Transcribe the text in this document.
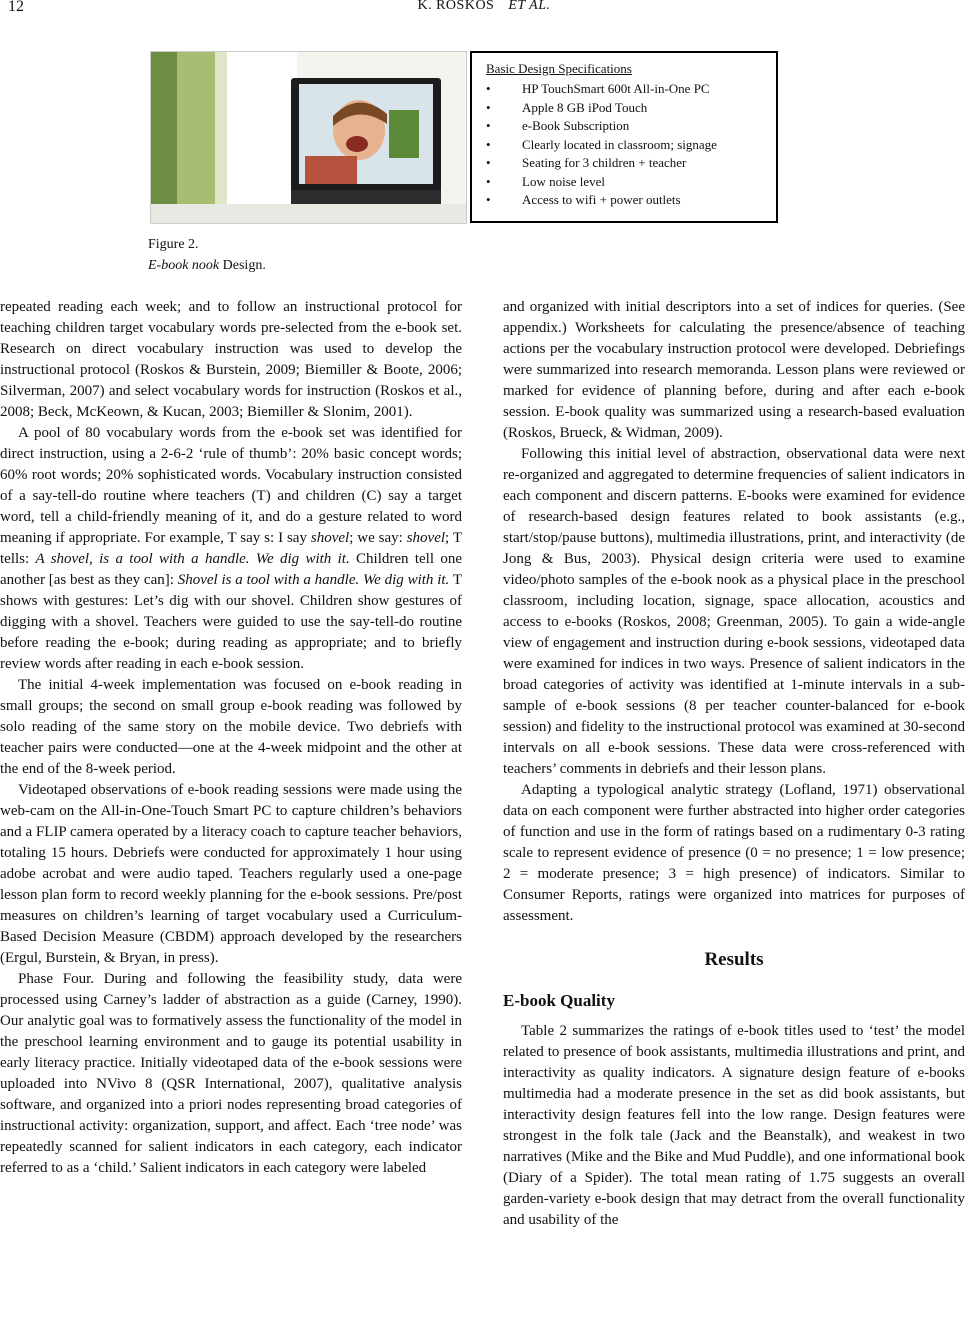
12	K. ROSKOS ET AL.
Basic Design Specifications
• HP TouchSmart 600t All-in-One PC
• Apple 8 GB iPod Touch
• e-Book Subscription
• Clearly located in classroom; signage
• Seating for 3 children + teacher
• Low noise level
• Access to wifi + power outlets
Figure 2.
E-book nook Design.

repeated reading each week; and to follow an instructional protocol for teaching children target vocabulary words pre-selected from the e-book set. Research on direct vocabulary instruction was used to develop the instructional protocol (Roskos & Burstein, 2009; Biemiller & Boote, 2006; Silverman, 2007) and select vocabulary words for instruction (Roskos et al., 2008; Beck, McKeown, & Kucan, 2003; Biemiller & Slonim, 2001).

A pool of 80 vocabulary words from the e-book set was identified for direct instruction, using a 2-6-2 ‘rule of thumb’: 20% basic concept words; 60% root words; 20% sophisticated words. Vocabulary instruction consisted of a say-tell-do routine where teachers (T) and children (C) say a target word, tell a child-friendly meaning of it, and do a gesture related to word meaning if appropriate. For example, T say s: I say shovel; we say: shovel; T tells: A shovel, is a tool with a handle. We dig with it. Children tell one another [as best as they can]: Shovel is a tool with a handle. We dig with it. T shows with gestures: Let’s dig with our shovel. Children show gestures of digging with a shovel. Teachers were guided to use the say-tell-do routine before reading the e-book; during reading as appropriate; and to briefly review words after reading in each e-book session.

The initial 4-week implementation was focused on e-book reading in small groups; the second on small group e-book reading was followed by solo reading of the same story on the mobile device. Two debriefs with teacher pairs were conducted—one at the 4-week midpoint and the other at the end of the 8-week period.

Videotaped observations of e-book reading sessions were made using the web-cam on the All-in-One-Touch Smart PC to capture children’s behaviors and a FLIP camera operated by a literacy coach to capture teacher behaviors, totaling 15 hours. Debriefs were conducted for approximately 1 hour using adobe acrobat and were audio taped. Teachers regularly used a one-page lesson plan form to record weekly planning for the e-book sessions. Pre/post measures on children’s learning of target vocabulary used a Curriculum-Based Decision Measure (CBDM) approach developed by the researchers (Ergul, Burstein, & Bryan, in press).

Phase Four. During and following the feasibility study, data were processed using Carney’s ladder of abstraction as a guide (Carney, 1990). Our analytic goal was to formatively assess the functionality of the model in the preschool learning environment and to gauge its potential usability in early literacy practice. Initially videotaped data of the e-book sessions were uploaded into NVivo 8 (QSR International, 2007), qualitative analysis software, and organized into a priori nodes representing broad categories of instructional activity: organization, support, and affect. Each ‘tree node’ was repeatedly scanned for salient indicators in each category, each indicator referred to as a ‘child.’ Salient indicators in each category were labeled

and organized with initial descriptors into a set of indices for queries. (See appendix.) Worksheets for calculating the presence/absence of teaching actions per the vocabulary instruction protocol were developed. Debriefings were summarized into research memoranda. Lesson plans were reviewed or marked for evidence of planning before, during and after each e-book session. E-book quality was summarized using a research-based evaluation (Roskos, Brueck, & Widman, 2009).

Following this initial level of abstraction, observational data were next re-organized and aggregated to determine frequencies of salient indicators in each component and discern patterns. E-books were examined for evidence of research-based design features related to book assistants (e.g., start/stop/pause buttons), multimedia illustrations, print, and interactivity (de Jong & Bus, 2003). Physical design criteria were used to examine video/photo samples of the e-book nook as a physical place in the preschool classroom, including location, signage, space allocation, acoustics and access to e-books (Roskos, 2008; Greenman, 2005). To gain a wide-angle view of engagement and instruction during e-book sessions, videotaped data were examined for indices in two ways. Presence of salient indicators in the broad categories of activity was identified at 1-minute intervals in a sub-sample of e-book sessions (8 per teacher counter-balanced for e-book session) and fidelity to the instructional protocol was examined at 30-second intervals on all e-book sessions. These data were cross-referenced with teachers’ comments in debriefs and their lesson plans.

Adapting a typological analytic strategy (Lofland, 1971) observational data on each component were further abstracted into higher order categories of function and use in the form of ratings based on a rudimentary 0-3 rating scale to represent evidence of presence (0 = no presence; 1 = low presence; 2 = moderate presence; 3 = high presence) of indicators. Similar to Consumer Reports, ratings were organized into matrices for purposes of assessment.

Results

E-book Quality

Table 2 summarizes the ratings of e-book titles used to ‘test’ the model related to presence of book assistants, multimedia illustrations and print, and interactivity as quality indicators. A signature design feature of e-books multimedia had a moderate presence in the set as did book assistants, but interactivity design features fell into the low range. Design features were strongest in the folk tale (Jack and the Beanstalk), and weakest in two narratives (Mike and the Bike and Mud Puddle), and one informational book (Diary of a Spider). The total mean rating of 1.75 suggests an overall garden-variety e-book design that may detract from the overall functionality and usability of the
